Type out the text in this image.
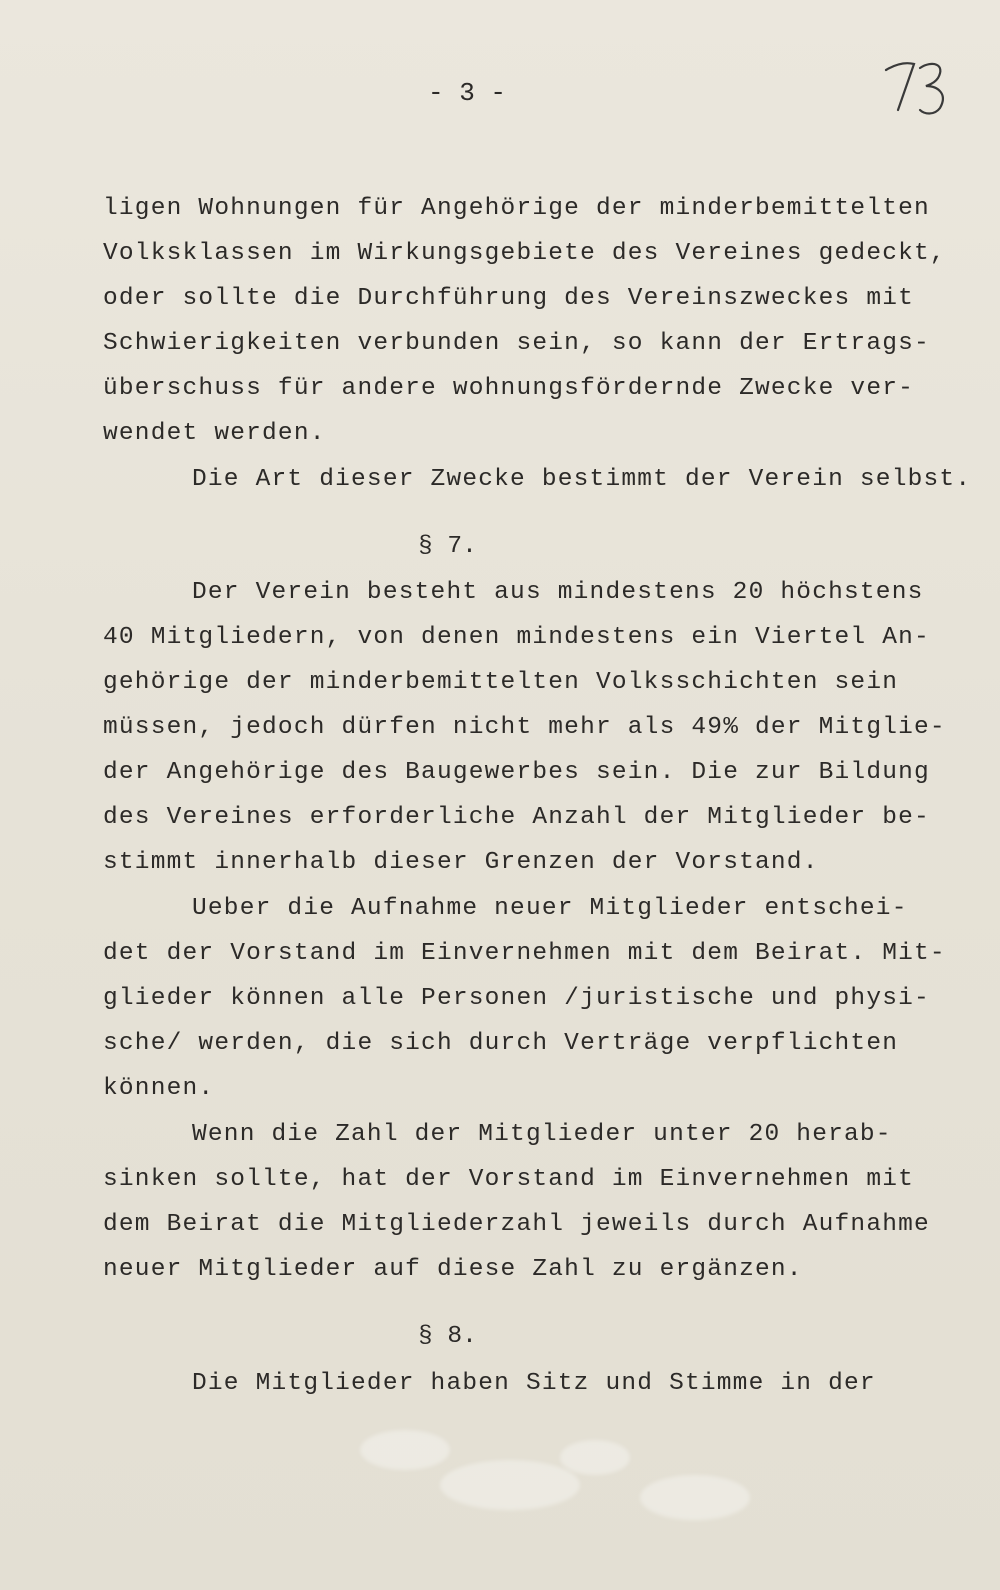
- 3 -
ligen Wohnungen für Angehörige der minderbemittelten
Volksklassen im Wirkungsgebiete des Vereines gedeckt,
oder sollte die Durchführung des Vereinszweckes mit
Schwierigkeiten verbunden sein, so kann der Ertrags-
überschuss für andere wohnungsfördernde Zwecke ver-
wendet werden.
Die Art dieser Zwecke bestimmt der Verein selbst.
§ 7.
Der Verein besteht aus mindestens 20 höchstens
40 Mitgliedern, von denen mindestens ein Viertel An-
gehörige der minderbemittelten Volksschichten sein
müssen, jedoch dürfen nicht mehr als 49% der Mitglie-
der Angehörige des Baugewerbes sein. Die zur Bildung
des Vereines erforderliche Anzahl der Mitglieder be-
stimmt innerhalb dieser Grenzen der Vorstand.
Ueber die Aufnahme neuer Mitglieder entschei-
det der Vorstand im Einvernehmen mit dem Beirat. Mit-
glieder können alle Personen /juristische und physi-
sche/ werden, die sich durch Verträge verpflichten
können.
Wenn die Zahl der Mitglieder unter 20 herab-
sinken sollte, hat der Vorstand im Einvernehmen mit
dem Beirat die Mitgliederzahl jeweils durch Aufnahme
neuer Mitglieder auf diese Zahl zu ergänzen.
§ 8.
Die Mitglieder haben Sitz und Stimme in der
